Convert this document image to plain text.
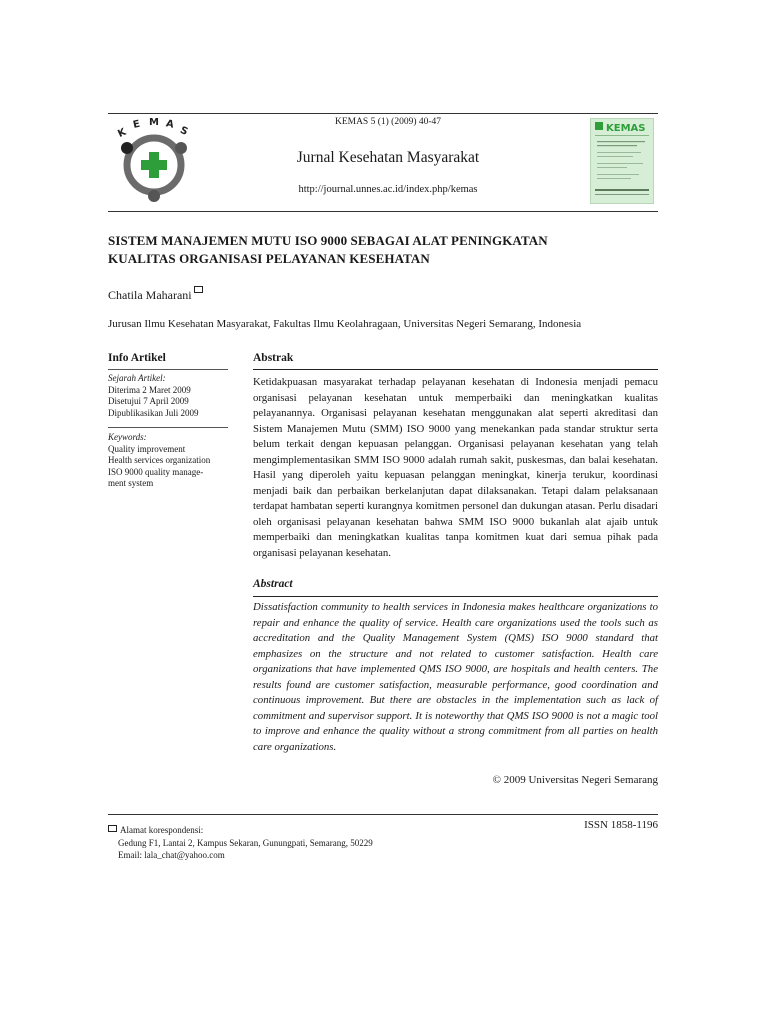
K
E M A
S
KEMAS 5 (1) (2009) 40-47
Jurnal Kesehatan Masyarakat
http://journal.unnes.ac.id/index.php/kemas
KEMAS
SISTEM MANAJEMEN MUTU ISO 9000 SEBAGAI ALAT PENINGKATAN
KUALITAS ORGANISASI PELAYANAN KESEHATAN
Chatila Maharani
Jurusan Ilmu Kesehatan Masyarakat, Fakultas Ilmu Keolahragaan, Universitas Negeri Semarang, Indonesia
Info Artikel
Sejarah Artikel:
Diterima 2 Maret 2009
Disetujui 7 April 2009
Dipublikasikan Juli 2009
Keywords:
Quality improvement
Health services organization
ISO 9000 quality manage-
ment system
Abstrak
Ketidakpuasan masyarakat terhadap pelayanan kesehatan di Indonesia menjadi pemacu organisasi pelayanan kesehatan untuk memperbaiki dan meningkatkan kualitas pelayanannya. Organisasi pelayanan kesehatan menggunakan alat seperti akreditasi dan Sistem Manajemen Mutu (SMM) ISO 9000 yang menekankan pada standar struktur serta belum terkait dengan kepuasan pelanggan. Organisasi pelayanan kesehatan yang telah mengimplementasikan SMM ISO 9000 adalah rumah sakit, puskesmas, dan balai kesehatan. Hasil yang diperoleh yaitu kepuasan pelanggan meningkat, kinerja terukur, koordinasi menjadi baik dan perbaikan berkelanjutan dapat dilaksanakan. Tetapi dalam pelaksanaan terdapat hambatan seperti kurangnya komitmen personel dan dukungan atasan. Perlu disadari oleh organisasi pelayanan kesehatan bahwa SMM ISO 9000 bukanlah alat ajaib untuk memperbaiki dan meningkatkan kualitas tanpa komitmen kuat dari semua pihak pada organisasi pelayanan kesehatan.
Abstract
Dissatisfaction community to health services in Indonesia makes healthcare organizations to repair and enhance the quality of service. Health care organizations used the tools such as accreditation and the Quality Management System (QMS) ISO 9000 standard that emphasizes on the structure and not related to customer satisfaction. Health care organizations that have implemented QMS ISO 9000, are hospitals and health centers. The results found are customer satisfaction, measurable performance, good coordination and continuous improvement. But there are obstacles in the implementation such as lack of commitment and supervisor support. It is noteworthy that QMS ISO 9000 is not a magic tool to improve and enhance the quality without a strong commitment from all parties on health care organizations.
© 2009 Universitas Negeri Semarang
ISSN 1858-1196
Alamat korespondensi:
Gedung F1, Lantai 2, Kampus Sekaran, Gunungpati, Semarang, 50229
Email: lala_chat@yahoo.com
